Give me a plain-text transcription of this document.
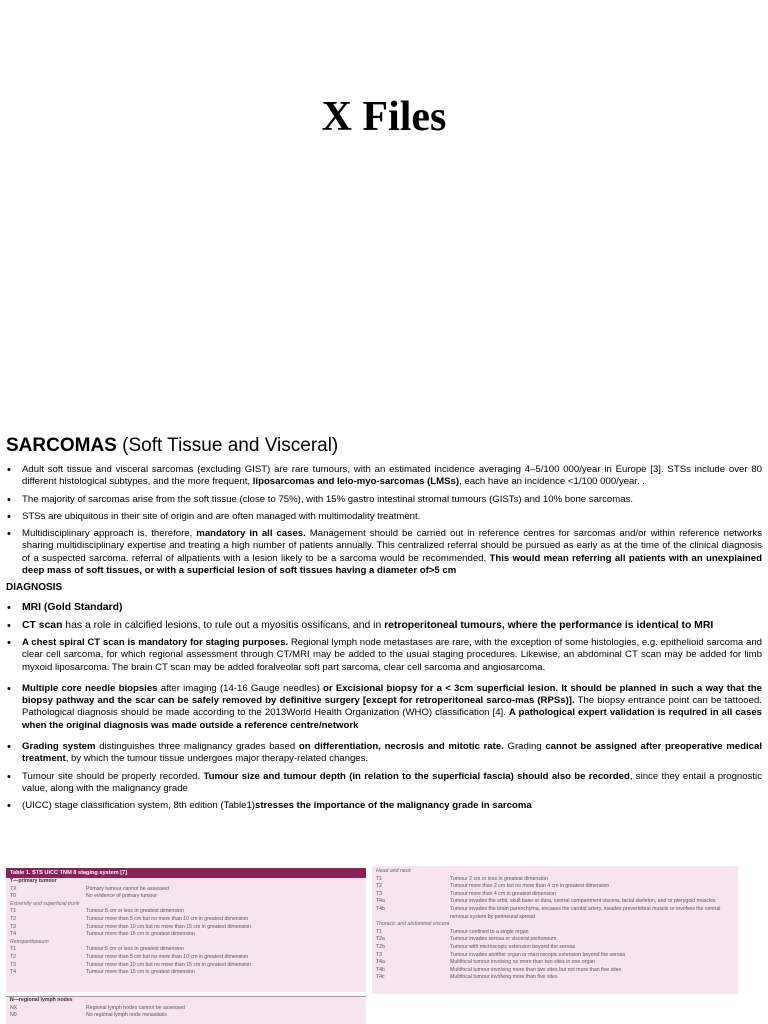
X Files
SARCOMAS (Soft Tissue and Visceral)
• Adult soft tissue and visceral sarcomas (excluding GIST) are rare tumours, with an estimated incidence averaging 4–5/100 000/year in Europe [3]. STSs include over 80 different histological subtypes, and the more frequent, liposarcomas and leio-myo-sarcomas (LMSs), each have an incidence <1/100 000/year. .
• The majority of sarcomas arise from the soft tissue (close to 75%), with 15% gastro intestinal stromal tumours (GISTs) and 10% bone sarcomas.
• STSs are ubiquitous in their site of origin and are often managed with multimodality treatment.
• Multidisciplinary approach is, therefore, mandatory in all cases. Management should be carried out in reference centres for sarcomas and/or within reference networks sharing multidisciplinary expertise and treating a high number of patients annually. This centralized referral should be pursued as early as at the time of the clinical diagnosis of a suspected sarcoma. referral of allpatients with a lesion likely to be a sarcoma would be recommended. This would mean referring all patients with an unexplained deep mass of soft tissues, or with a superficial lesion of soft tissues having a diameter of>5 cm
DIAGNOSIS
• MRI (Gold Standard)
• CT scan has a role in calcified lesions, to rule out a myositis ossificans, and in retroperitoneal tumours, where the performance is identical to MRI
• A chest spiral CT scan is mandatory for staging purposes. Regional lymph node metastases are rare, with the exception of some histologies, e.g. epithelioid sarcoma and clear cell sarcoma, for which regional assessment through CT/MRI may be added to the usual staging procedures. Likewise, an abdominal CT scan may be added for limb myxoid liposarcoma. The brain CT scan may be added foralveolar soft part sarcoma, clear cell sarcoma and angiosarcoma.
• Multiple core needle biopsies after imaging (14-16 Gauge needles) or Excisional biopsy for a < 3cm superficial lesion. It should be planned in such a way that the biopsy pathway and the scar can be safely removed by definitive surgery [except for retroperitoneal sarco-mas (RPSs)]. The biopsy entrance point can be tattooed. Pathological diagnosis should be made according to the 2013World Health Organization (WHO) classification [4]. A pathological expert validation is required in all cases when the original diagnosis was made outside a reference centre/network
• Grading system distinguishes three malignancy grades based on differentiation, necrosis and mitotic rate. Grading cannot be assigned after preoperative medical treatment, by which the tumour tissue undergoes major therapy-related changes.
• Tumour site should be properly recorded. Tumour size and tumour depth (in relation to the superficial fascia) should also be recorded, since they entail a prognostic value, along with the malignancy grade
• (UICC) stage classification system, 8th edition (Table1)stresses the importance of the malignancy grade in sarcoma
Table 1. STS UICC TNM 8 staging system [7]
T—primary tumour
TX	Primary tumour cannot be assessed
T0	No evidence of primary tumour
Extremity and superficial trunk
T1	Tumour 5 cm or less in greatest dimension
T2	Tumour more than 5 cm but no more than 10 cm in greatest dimension
T3	Tumour more than 10 cm but no more than 15 cm in greatest dimension
T4	Tumour more than 15 cm in greatest dimension
Retroperitoneum
T1	Tumour 5 cm or less in greatest dimension
T2	Tumour more than 5 cm but no more than 10 cm in greatest dimension
T3	Tumour more than 10 cm but no more than 15 cm in greatest dimension
T4	Tumour more than 15 cm in greatest dimension
N—regional lymph nodes
NX	Regional lymph nodes cannot be assessed
N0	No regional lymph node metastasis
Head and neck
T1	Tumour 2 cm or less in greatest dimension
T2	Tumour more than 2 cm but no more than 4 cm in greatest dimension
T3	Tumour more than 4 cm in greatest dimension
T4a	Tumour invades the orbit, skull base or dura, central compartment viscera, facial skeleton, and or pterygoid muscles
T4b	Tumour invades the brain parenchyma, encases the carotid artery, invades prevertebral muscle or involves the central
nervous system by perineural spread
Thoracic and abdominal viscera
T1	Tumour confined to a single organ
T2a	Tumour invades serosa or visceral peritoneum
T2b	Tumour with microscopic extension beyond the serosa
T3	Tumour invades another organ or macroscopic extension beyond the serosa
T4a	Multifocal tumour involving no more than two sites in one organ
T4b	Multifocal tumour involving more than two sites but not more than five sites
T4c	Multifocal tumour involving more than five sites
